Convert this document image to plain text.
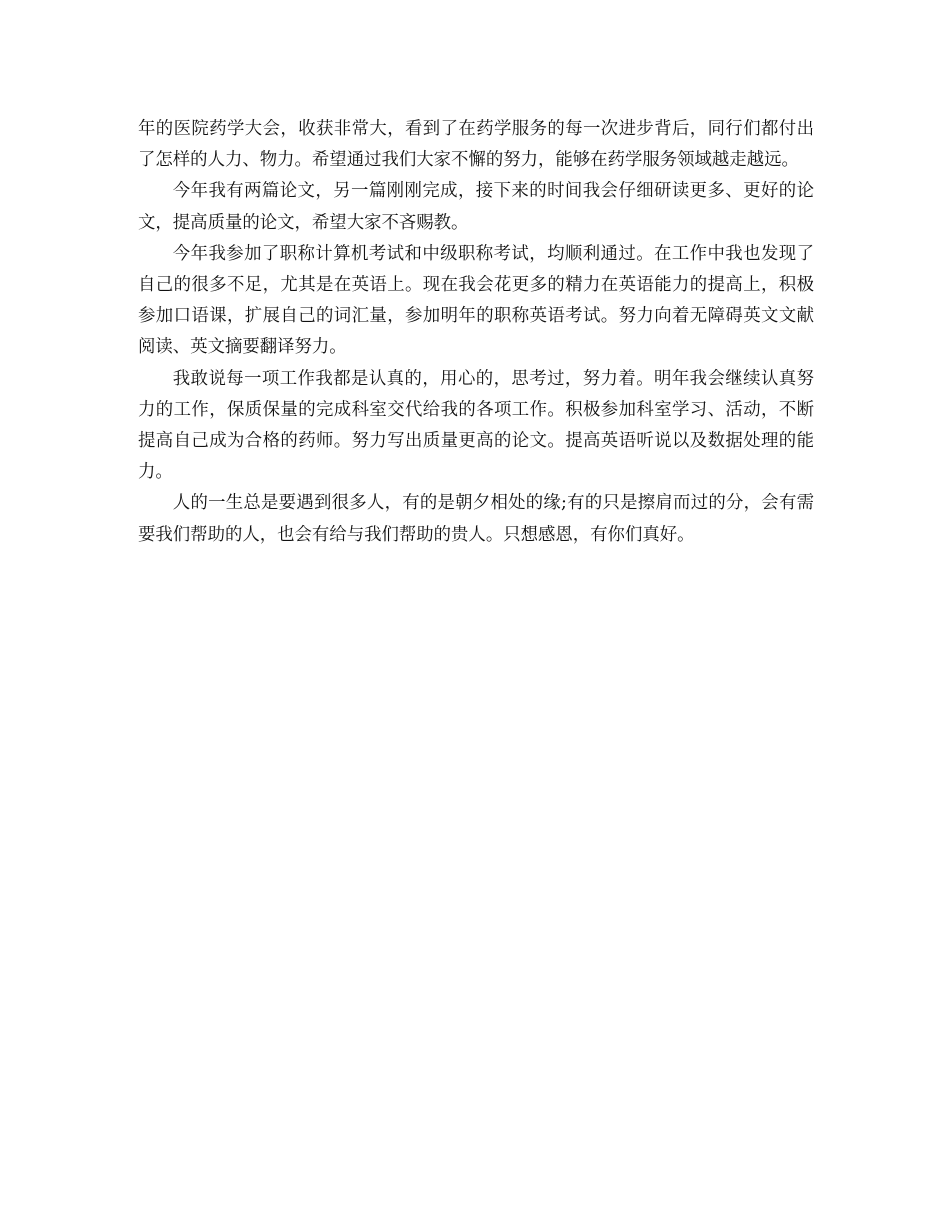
年的医院药学大会，收获非常大，看到了在药学服务的每一次进步背后，同行们都付出了怎样的人力、物力。希望通过我们大家不懈的努力，能够在药学服务领域越走越远。

今年我有两篇论文，另一篇刚刚完成，接下来的时间我会仔细研读更多、更好的论文，提高质量的论文，希望大家不吝赐教。

今年我参加了职称计算机考试和中级职称考试，均顺利通过。在工作中我也发现了自己的很多不足，尤其是在英语上。现在我会花更多的精力在英语能力的提高上，积极参加口语课，扩展自己的词汇量，参加明年的职称英语考试。努力向着无障碍英文文献阅读、英文摘要翻译努力。

我敢说每一项工作我都是认真的，用心的，思考过，努力着。明年我会继续认真努力的工作，保质保量的完成科室交代给我的各项工作。积极参加科室学习、活动，不断提高自己成为合格的药师。努力写出质量更高的论文。提高英语听说以及数据处理的能力。

人的一生总是要遇到很多人，有的是朝夕相处的缘;有的只是擦肩而过的分，会有需要我们帮助的人，也会有给与我们帮助的贵人。只想感恩，有你们真好。
